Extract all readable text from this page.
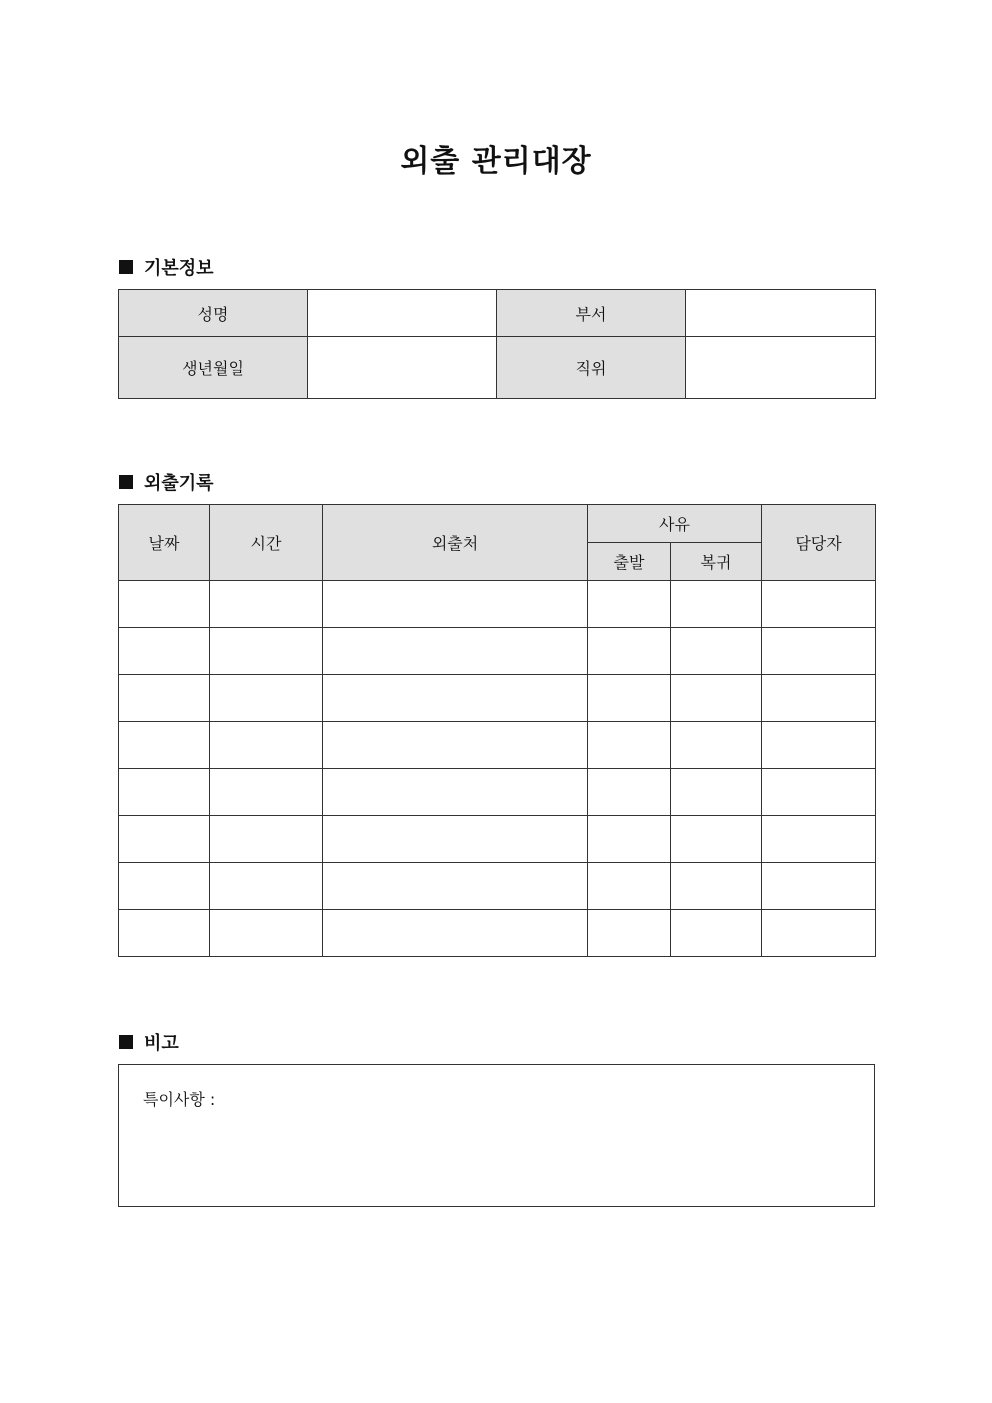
외출 관리대장
기본정보
성명		부서	
생년월일		직위	
외출기록
날짜	시간	외출처	사유		담당자
			출발	복귀	

비고
특이사항 :
